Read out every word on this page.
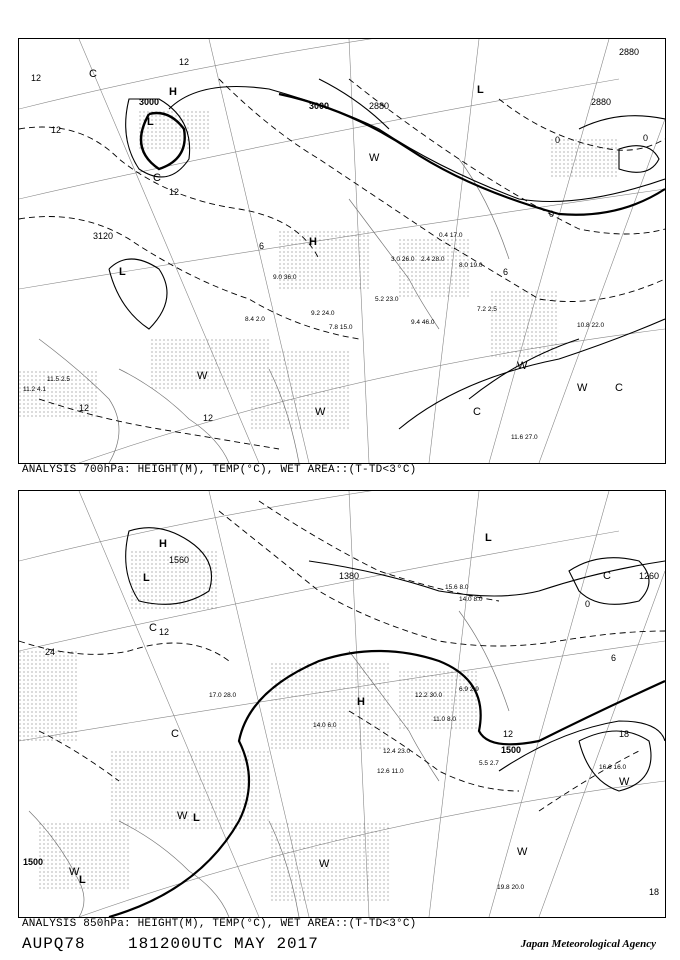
11.6 27.0
10.8 22.0
7.2 2.5
9.4 46.0
7.8 15.0
9.2 24.0
5.2 23.0
3.0 26.0 2.4 28.0
0.4 17.0
8.0 19.0
11.5 2.5
11.2 4.1
9.0 36.0
8.4 2.0
3000	3000
2880
2880
3120
2880
12
12
12
12
12
12
6
0
0
6
0
H
L
L
H
C
C
C
W
W
W
W
W	C
L
ANALYSIS 700hPa: HEIGHT(M), TEMP(°C), WET AREA::(T-TD<3°C)
19.8 20.0
16.6 16.0
12.4 23.0
12.6 11.0
12.2 30.0
11.0 8.0
15.6 8.0
14.0 8.0
6.9 2.9
5.5 2.7
17.0 28.0
14.0 6.0
1500
1500
1380	1260
1560
24
18
18
12
0
6
12
H
L
L
C
C
H
W
W
L
W
W
W
C
L
ANALYSIS 850hPa: HEIGHT(M), TEMP(°C), WET AREA::(T-TD<3°C)
AUPQ78	181200UTC MAY 2017	Japan Meteorological Agency
